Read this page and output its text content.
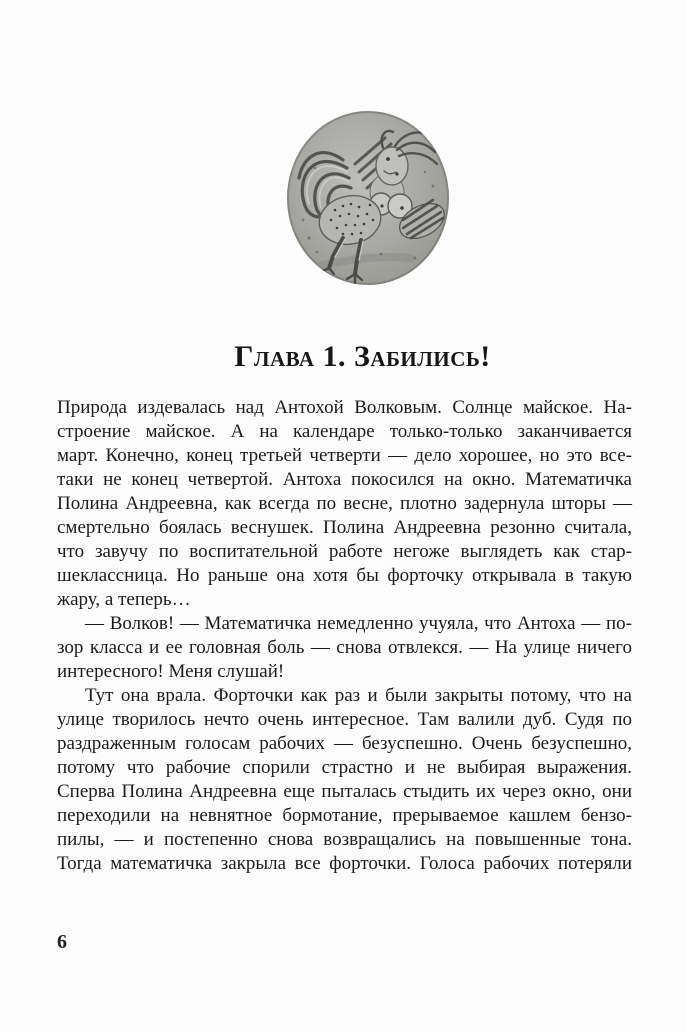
Глава 1. Забились!
Природа издевалась над Антохой Волковым. Солнце майское. На-
строение майское. А на календаре только-только заканчивается
март. Конечно, конец третьей четверти — дело хорошее, но это все-
таки не конец четвертой. Антоха покосился на окно. Математичка
Полина Андреевна, как всегда по весне, плотно задернула шторы —
смертельно боялась веснушек. Полина Андреевна резонно считала,
что завучу по воспитательной работе негоже выглядеть как стар-
шеклассница. Но раньше она хотя бы форточку открывала в такую
жару, а теперь…
— Волков! — Математичка немедленно учуяла, что Антоха — по-
зор класса и ее головная боль — снова отвлекся. — На улице ничего
интересного! Меня слушай!
Тут она врала. Форточки как раз и были закрыты потому, что на
улице творилось нечто очень интересное. Там валили дуб. Судя по
раздраженным голосам рабочих — безуспешно. Очень безуспешно,
потому что рабочие спорили страстно и не выбирая выражения.
Сперва Полина Андреевна еще пыталась стыдить их через окно, они
переходили на невнятное бормотание, прерываемое кашлем бензо-
пилы, — и постепенно снова возвращались на повышенные тона.
Тогда математичка закрыла все форточки. Голоса рабочих потеряли
6
